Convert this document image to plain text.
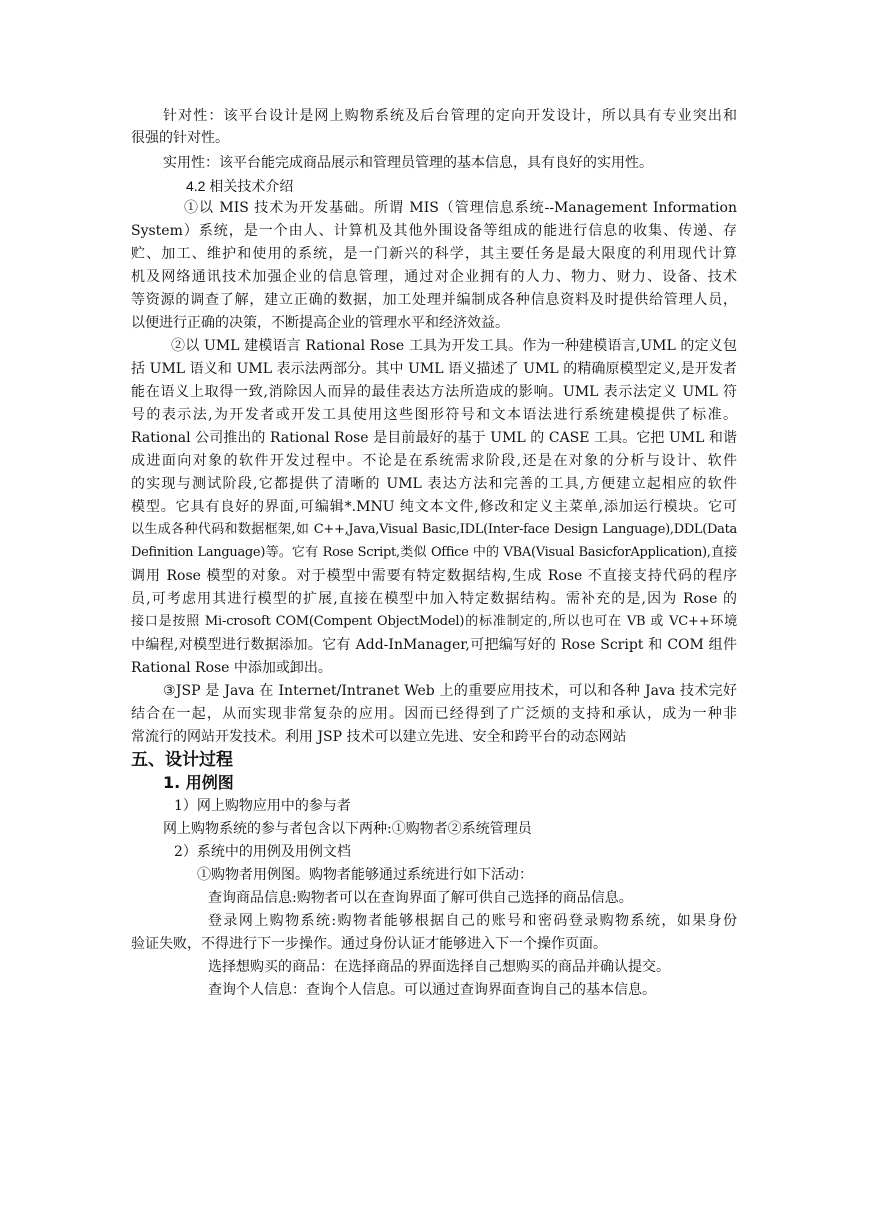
针对性：该平台设计是网上购物系统及后台管理的定向开发设计，所以具有专业突出和
很强的针对性。
实用性：该平台能完成商品展示和管理员管理的基本信息，具有良好的实用性。
4.2 相关技术介绍
①以 MIS 技术为开发基础。所谓 MIS（管理信息系统--Management Information
System）系统，是一个由人、计算机及其他外围设备等组成的能进行信息的收集、传递、存
贮、加工、维护和使用的系统，是一门新兴的科学，其主要任务是最大限度的利用现代计算
机及网络通讯技术加强企业的信息管理，通过对企业拥有的人力、物力、财力、设备、技术
等资源的调查了解，建立正确的数据，加工处理并编制成各种信息资料及时提供给管理人员，
以便进行正确的决策，不断提高企业的管理水平和经济效益。
②以 UML 建模语言 Rational Rose 工具为开发工具。作为一种建模语言,UML 的定义包
括 UML 语义和 UML 表示法两部分。其中 UML 语义描述了 UML 的精确原模型定义,是开发者
能在语义上取得一致,消除因人而异的最佳表达方法所造成的影响。UML 表示法定义 UML 符
号的表示法,为开发者或开发工具使用这些图形符号和文本语法进行系统建模提供了标准。
Rational 公司推出的 Rational Rose 是目前最好的基于 UML 的 CASE 工具。它把 UML 和谐
成进面向对象的软件开发过程中。不论是在系统需求阶段,还是在对象的分析与设计、软件
的实现与测试阶段,它都提供了清晰的 UML 表达方法和完善的工具,方便建立起相应的软件
模型。它具有良好的界面,可编辑*.MNU 纯文本文件,修改和定义主菜单,添加运行模块。它可
以生成各种代码和数据框架,如 C++,Java,Visual Basic,IDL(Inter-face Design Language),DDL(Data
Definition Language)等。它有 Rose Script,类似 Office 中的 VBA(Visual BasicforApplication),直接
调用 Rose 模型的对象。对于模型中需要有特定数据结构,生成 Rose 不直接支持代码的程序
员,可考虑用其进行模型的扩展,直接在模型中加入特定数据结构。需补充的是,因为 Rose 的
接口是按照 Mi-crosoft COM(Compent ObjectModel)的标准制定的,所以也可在 VB 或 VC++环境
中编程,对模型进行数据添加。它有 Add-InManager,可把编写好的 Rose Script 和 COM 组件
Rational Rose 中添加或卸出。
③JSP 是 Java 在 Internet/Intranet Web 上的重要应用技术，可以和各种 Java 技术完好
结合在一起，从而实现非常复杂的应用。因而已经得到了广泛烦的支持和承认，成为一种非
常流行的网站开发技术。利用 JSP 技术可以建立先进、安全和跨平台的动态网站
五、设计过程
1. 用例图
1）网上购物应用中的参与者
网上购物系统的参与者包含以下两种:①购物者②系统管理员
2）系统中的用例及用例文档
①购物者用例图。购物者能够通过系统进行如下活动：
查询商品信息:购物者可以在查询界面了解可供自己选择的商品信息。
登录网上购物系统:购物者能够根据自己的账号和密码登录购物系统，如果身份
验证失败，不得进行下一步操作。通过身份认证才能够进入下一个操作页面。
选择想购买的商品：在选择商品的界面选择自己想购买的商品并确认提交。
查询个人信息：查询个人信息。可以通过查询界面查询自己的基本信息。
